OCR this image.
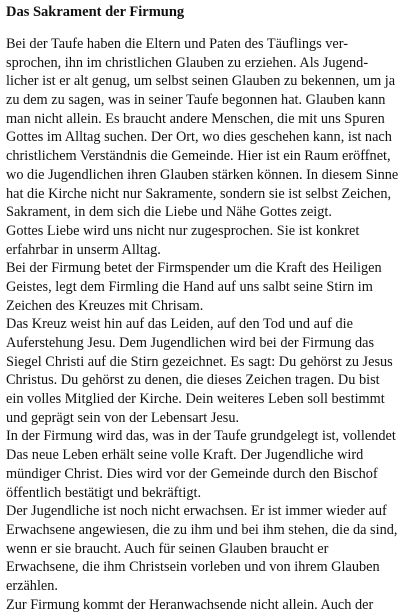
Das Sakrament der Firmung
Bei der Taufe haben die Eltern und Paten des Täuflings ver-
sprochen, ihn im christlichen Glauben zu erziehen. Als Jugend-
licher ist er alt genug, um selbst seinen Glauben zu bekennen, um ja
zu dem zu sagen, was in seiner Taufe begonnen hat. Glauben kann
man nicht allein. Es braucht andere Menschen, die mit uns Spuren
Gottes im Alltag suchen. Der Ort, wo dies geschehen kann, ist nach
christlichem Verständnis die Gemeinde. Hier ist ein Raum eröffnet,
wo die Jugendlichen ihren Glauben stärken können. In diesem Sinne
hat die Kirche nicht nur Sakramente, sondern sie ist selbst Zeichen,
Sakrament, in dem sich die Liebe und Nähe Gottes zeigt.
Gottes Liebe wird uns nicht nur zugesprochen. Sie ist konkret
erfahrbar in unserm Alltag.
Bei der Firmung betet der Firmspender um die Kraft des Heiligen
Geistes, legt dem Firmling die Hand auf uns salbt seine Stirn im
Zeichen des Kreuzes mit Chrisam.
Das Kreuz weist hin auf das Leiden, auf den Tod und auf die
Auferstehung Jesu. Dem Jugendlichen wird bei der Firmung das
Siegel Christi auf die Stirn gezeichnet. Es sagt: Du gehörst zu Jesus
Christus. Du gehörst zu denen, die dieses Zeichen tragen. Du bist
ein volles Mitglied der Kirche. Dein weiteres Leben soll bestimmt
und geprägt sein von der Lebensart Jesu.
In der Firmung wird das, was in der Taufe grundgelegt ist, vollendet
Das neue Leben erhält seine volle Kraft. Der Jugendliche wird
mündiger Christ. Dies wird vor der Gemeinde durch den Bischof
öffentlich bestätigt und bekräftigt.
Der Jugendliche ist noch nicht erwachsen. Er ist immer wieder auf
Erwachsene angewiesen, die zu ihm und bei ihm stehen, die da sind,
wenn er sie braucht. Auch für seinen Glauben braucht er
Erwachsene, die ihm Christsein vorleben und von ihrem Glauben
erzählen.
Zur Firmung kommt der Heranwachsende nicht allein. Auch der
